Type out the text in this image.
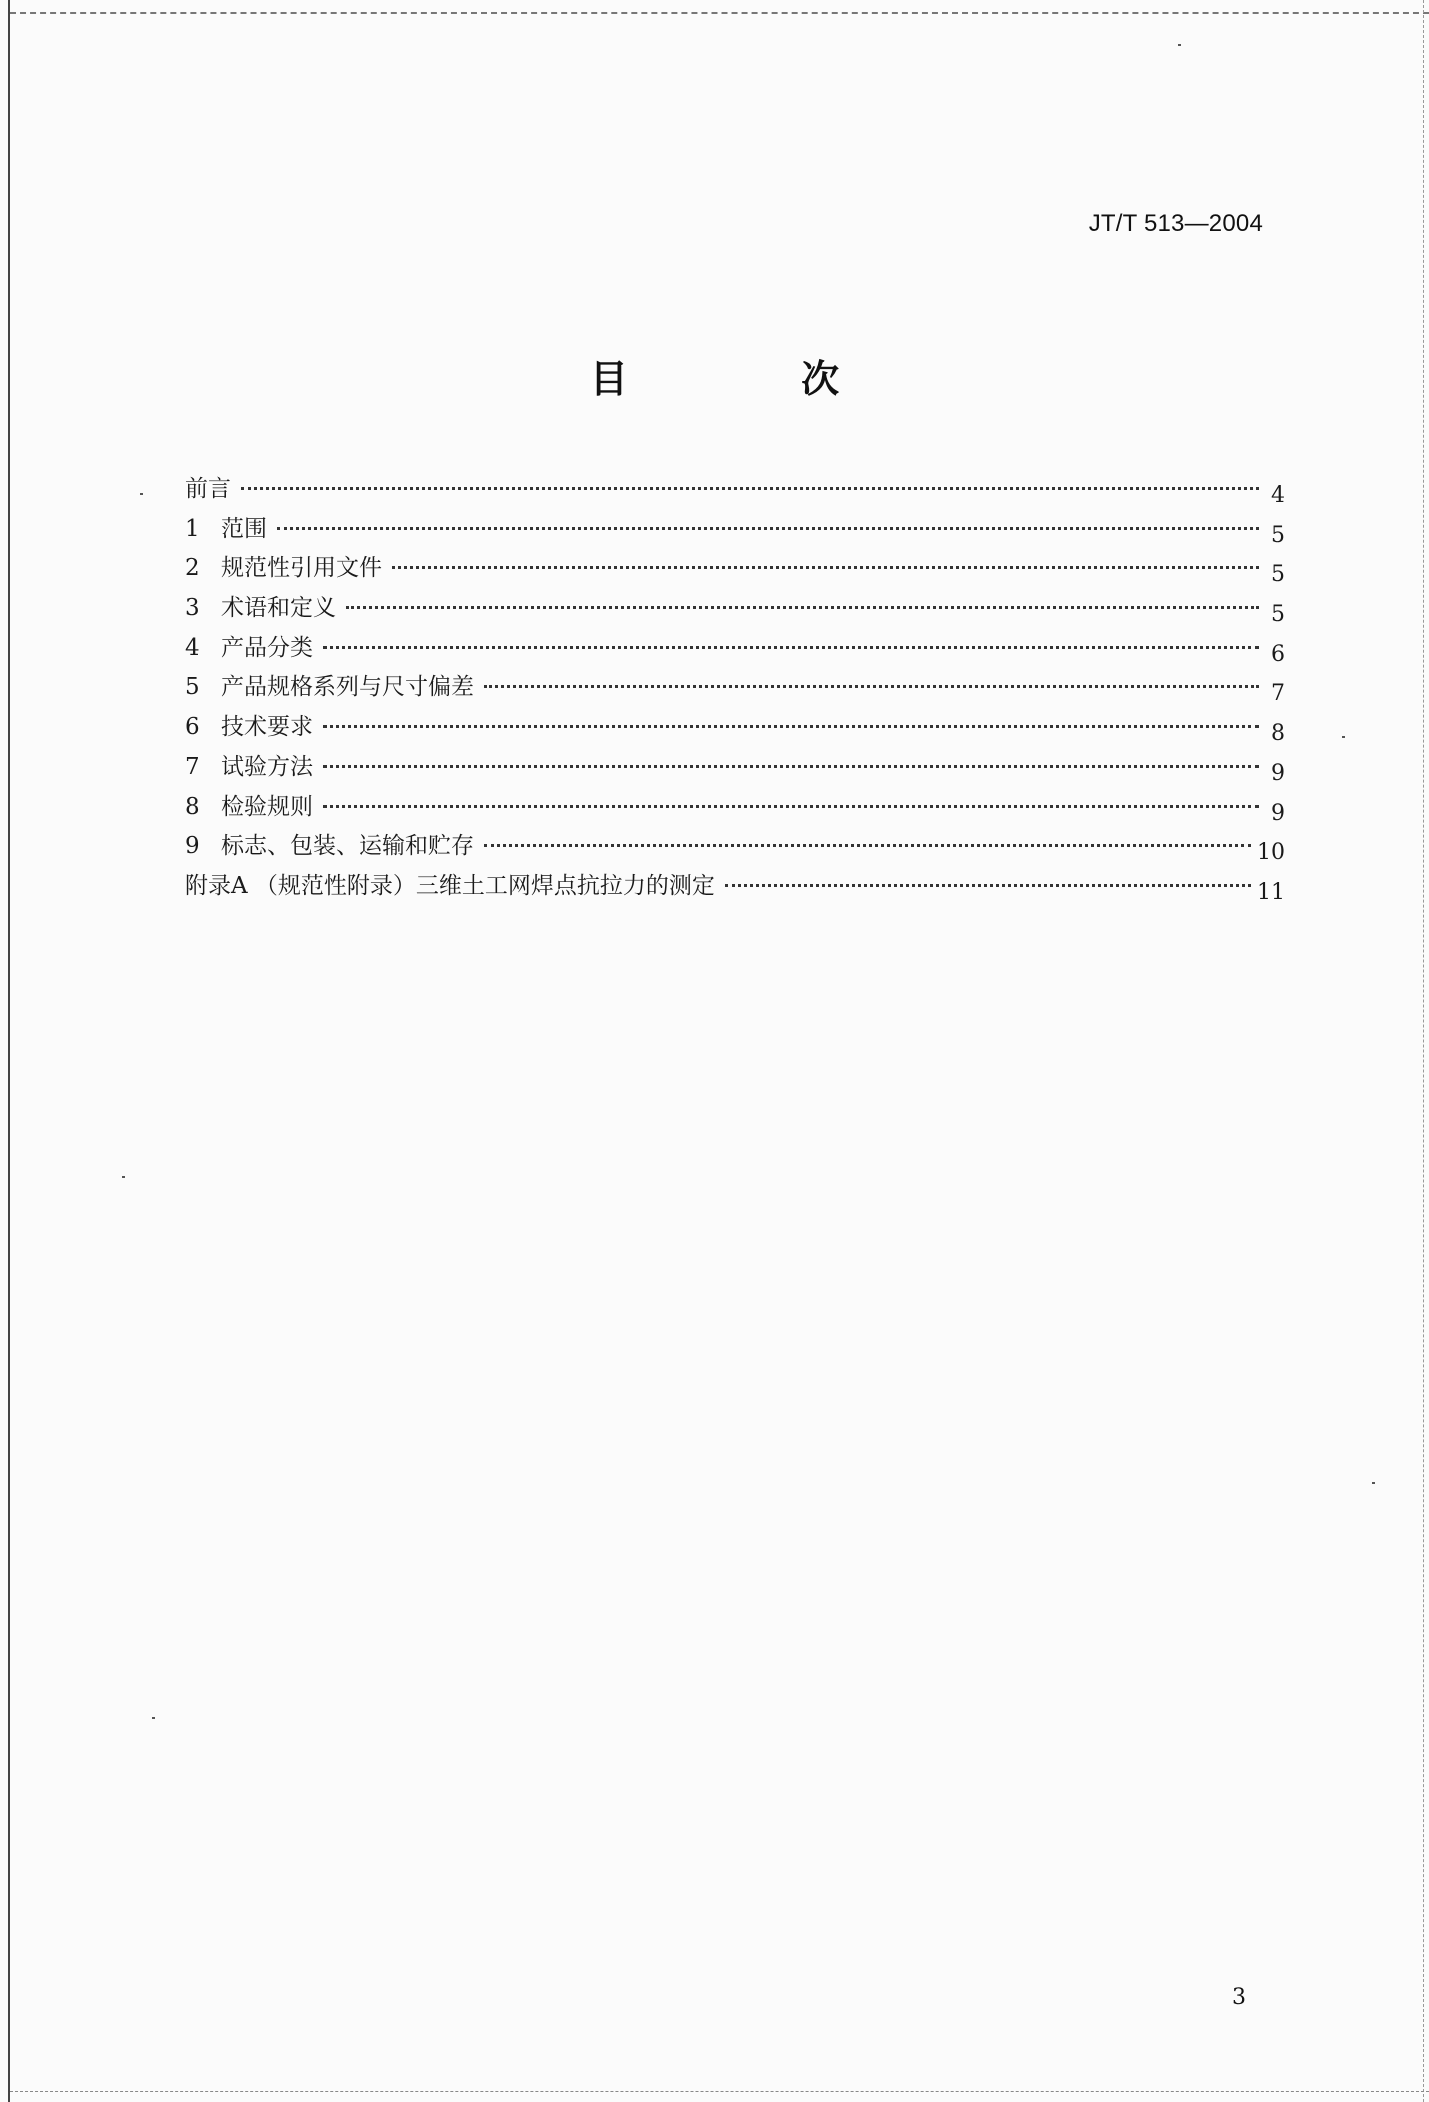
JT/T 513—2004
目 次
前言	4
1 范围	5
2 规范性引用文件	5
3 术语和定义	5
4 产品分类	6
5 产品规格系列与尺寸偏差	7
6 技术要求	8
7 试验方法	9
8 检验规则	9
9 标志、包装、运输和贮存	10
附录A （规范性附录）三维土工网焊点抗拉力的测定	11
3
